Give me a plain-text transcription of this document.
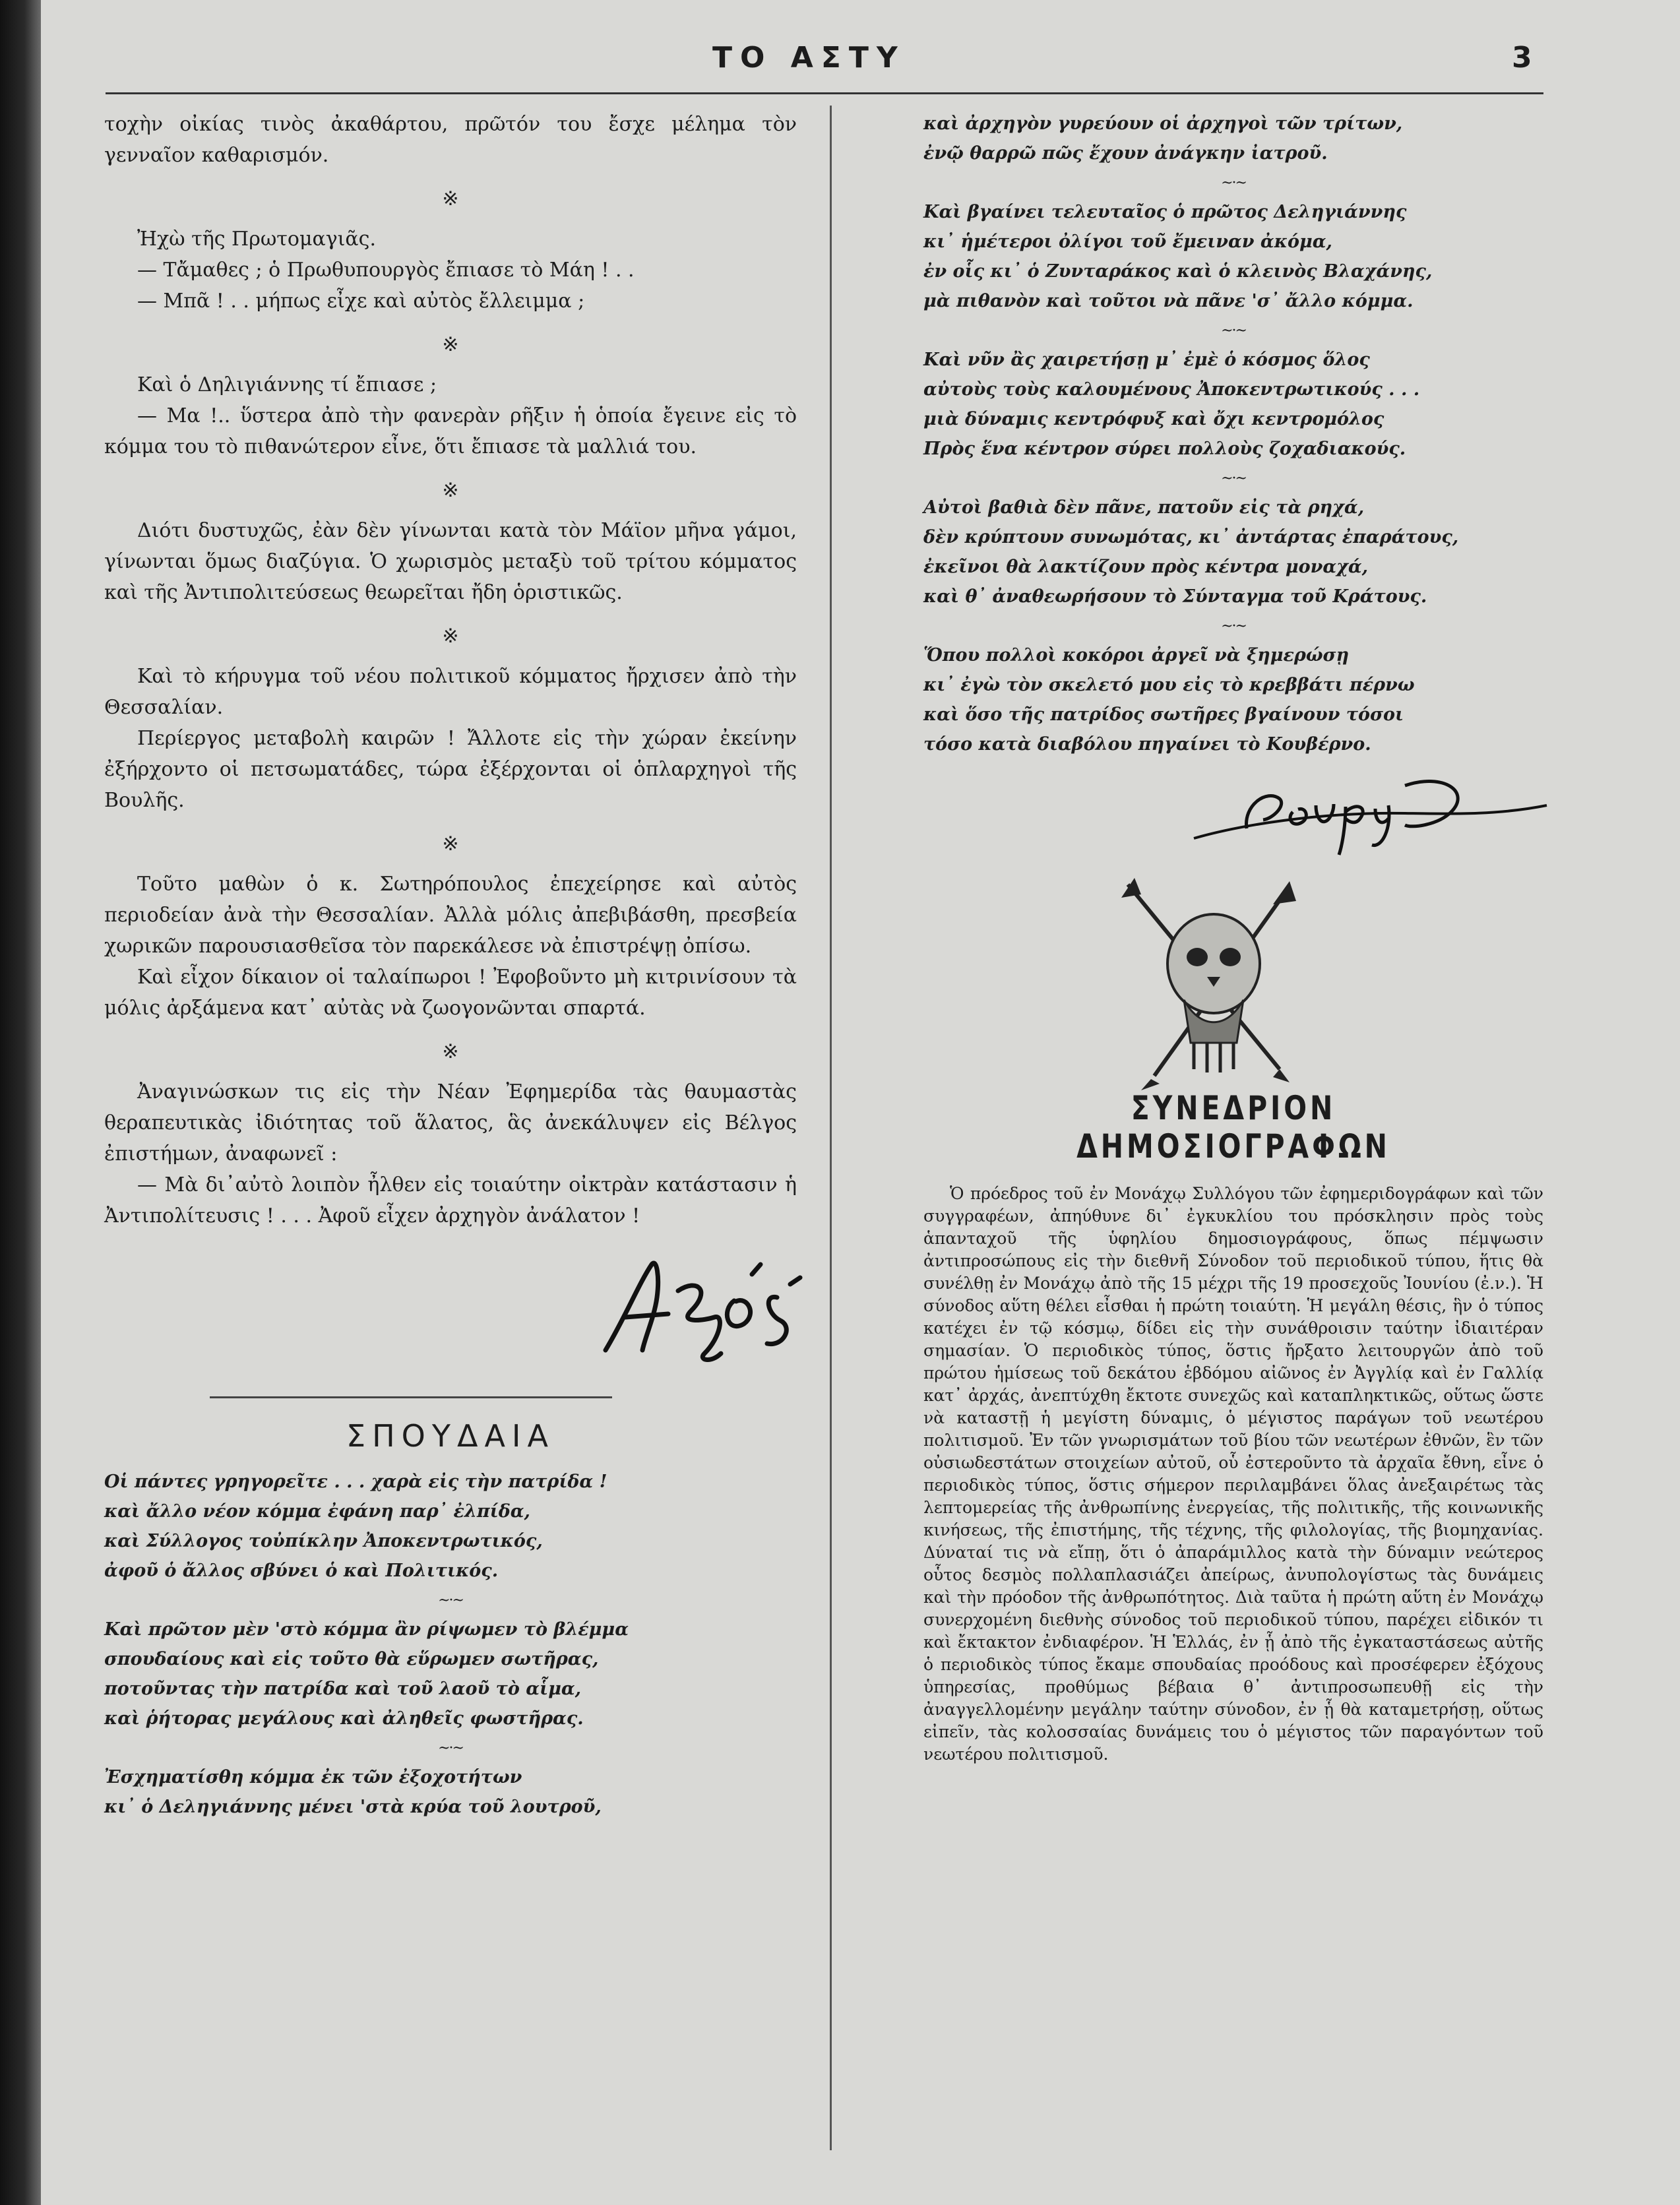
ΤΟ ΑΣΤΥ	3

τοχὴν οἰκίας τινὸς ἀκαθάρτου, πρῶτόν του ἔσχε μέλημα τὸν γενναῖον καθαρισμόν.

※

Ἠχὼ τῆς Πρωτομαγιᾶς.

— Τἄμαθες ; ὁ Πρωθυπουργὸς ἔπιασε τὸ Μάη ! . .

— Μπᾶ ! . . μήπως εἶχε καὶ αὐτὸς ἔλλειμμα ;

※

Καὶ ὁ Δηλιγιάννης τί ἔπιασε ;

— Μα !.. ὕστερα ἀπὸ τὴν φανερὰν ρῆξιν ἡ ὁποία ἔγεινε εἰς τὸ κόμμα του τὸ πιθανώτερον εἶνε, ὅτι ἔπιασε τὰ μαλλιά του.

※

Διότι δυστυχῶς, ἐὰν δὲν γίνωνται κατὰ τὸν Μάϊον μῆνα γάμοι, γίνωνται ὅμως διαζύγια. Ὁ χωρισμὸς μεταξὺ τοῦ τρίτου κόμματος καὶ τῆς Ἀντιπολιτεύσεως θεωρεῖται ἤδη ὁριστικῶς.

※

Καὶ τὸ κήρυγμα τοῦ νέου πολιτικοῦ κόμματος ἤρχισεν ἀπὸ τὴν Θεσσαλίαν.

Περίεργος μεταβολὴ καιρῶν ! Ἄλλοτε εἰς τὴν χώραν ἐκείνην ἐξήρχοντο οἱ πετσωματάδες, τώρα ἐξέρχονται οἱ ὁπλαρχηγοὶ τῆς Βουλῆς.

※

Τοῦτο μαθὼν ὁ κ. Σωτηρόπουλος ἐπεχείρησε καὶ αὐτὸς περιοδείαν ἀνὰ τὴν Θεσσαλίαν. Ἀλλὰ μόλις ἀπεβιβάσθη, πρεσβεία χωρικῶν παρουσιασθεῖσα τὸν παρεκάλεσε νὰ ἐπιστρέψῃ ὀπίσω.

Καὶ εἶχον δίκαιον οἱ ταλαίπωροι ! Ἐφοβοῦντο μὴ κιτρινίσουν τὰ μόλις ἀρξάμενα κατ᾽ αὐτὰς νὰ ζωογονῶνται σπαρτά.

※

Ἀναγινώσκων τις εἰς τὴν Νέαν Ἐφημερίδα τὰς θαυμαστὰς θεραπευτικὰς ἰδιότητας τοῦ ἅλατος, ἃς ἀνεκάλυψεν εἰς Βέλγος ἐπιστήμων, ἀναφωνεῖ :

— Μὰ δι᾽αὐτὸ λοιπὸν ἦλθεν εἰς τοιαύτην οἰκτρὰν κατάστασιν ἡ Ἀντιπολίτευσις ! . . . Ἀφοῦ εἶχεν ἀρχηγὸν ἀνάλατον !

ΣΠΟΥΔΑΙΑ

Οἱ πάντες γρηγορεῖτε . . . χαρὰ εἰς τὴν πατρίδα !

καὶ ἄλλο νέον κόμμα ἐφάνη παρ᾽ ἐλπίδα,

καὶ Σύλλογος τοὐπίκλην Ἀποκεντρωτικός,

ἀφοῦ ὁ ἄλλος σβύνει ὁ καὶ Πολιτικός.

~·~

Καὶ πρῶτον μὲν 'στὸ κόμμα ἂν ρίψωμεν τὸ βλέμμα

σπουδαίους καὶ εἰς τοῦτο θὰ εὕρωμεν σωτῆρας,

ποτοῦντας τὴν πατρίδα καὶ τοῦ λαοῦ τὸ αἷμα,

καὶ ῥήτορας μεγάλους καὶ ἀληθεῖς φωστῆρας.

~·~

Ἐσχηματίσθη κόμμα ἐκ τῶν ἐξοχοτήτων

κι᾽ ὁ Δεληγιάννης μένει 'στὰ κρύα τοῦ λουτροῦ,

καὶ ἀρχηγὸν γυρεύουν οἱ ἀρχηγοὶ τῶν τρίτων,

ἐνῷ θαρρῶ πῶς ἔχουν ἀνάγκην ἰατροῦ.

~·~

Καὶ βγαίνει τελευταῖος ὁ πρῶτος Δεληγιάννης

κι᾽ ἡμέτεροι ὀλίγοι τοῦ ἔμειναν ἀκόμα,

ἐν οἷς κι᾽ ὁ Ζυνταράκος καὶ ὁ κλεινὸς Βλαχάνης,

μὰ πιθανὸν καὶ τοῦτοι νὰ πᾶνε 'σ᾽ ἄλλο κόμμα.

~·~

Καὶ νῦν ἂς χαιρετήσῃ μ᾽ ἐμὲ ὁ κόσμος ὅλος

αὐτοὺς τοὺς καλουμένους Ἀποκεντρωτικούς . . .

μιὰ δύναμις κεντρόφυξ καὶ ὄχι κεντρομόλος

Πρὸς ἕνα κέντρον σύρει πολλοὺς ζοχαδιακούς.

~·~

Αὐτοὶ βαθιὰ δὲν πᾶνε, πατοῦν εἰς τὰ ρηχά,

δὲν κρύπτουν συνωμότας, κι᾽ ἀντάρτας ἐπαράτους,

ἐκεῖνοι θὰ λακτίζουν πρὸς κέντρα μοναχά,

καὶ θ᾽ ἀναθεωρήσουν τὸ Σύνταγμα τοῦ Κράτους.

~·~

Ὅπου πολλοὶ κοκόροι ἀργεῖ νὰ ξημερώσῃ

κι᾽ ἐγὼ τὸν σκελετό μου εἰς τὸ κρεββάτι πέρνω

καὶ ὅσο τῆς πατρίδος σωτῆρες βγαίνουν τόσοι

τόσο κατὰ διαβόλου πηγαίνει τὸ Κουβέρνο.

ΣΥΝΕΔΡΙΟΝ ΔΗΜΟΣΙΟΓΡΑΦΩΝ

Ὁ πρόεδρος τοῦ ἐν Μονάχῳ Συλλόγου τῶν ἐφημεριδογράφων καὶ τῶν συγγραφέων, ἀπηύθυνε δι᾽ ἐγκυκλίου του πρόσκλησιν πρὸς τοὺς ἁπανταχοῦ τῆς ὑφηλίου δημοσιογράφους, ὅπως πέμψωσιν ἀντιπροσώπους εἰς τὴν διεθνῆ Σύνοδον τοῦ περιοδικοῦ τύπου, ἥτις θὰ συνέλθῃ ἐν Μονάχῳ ἀπὸ τῆς 15 μέχρι τῆς 19 προσεχοῦς Ἰουνίου (ἐ.ν.). Ἡ σύνοδος αὕτη θέλει εἶσθαι ἡ πρώτη τοιαύτη. Ἡ μεγάλη θέσις, ἣν ὁ τύπος κατέχει ἐν τῷ κόσμῳ, δίδει εἰς τὴν συνάθροισιν ταύτην ἰδιαιτέραν σημασίαν. Ὁ περιοδικὸς τύπος, ὅστις ἤρξατο λειτουργῶν ἀπὸ τοῦ πρώτου ἡμίσεως τοῦ δεκάτου ἑβδόμου αἰῶνος ἐν Ἀγγλίᾳ καὶ ἐν Γαλλίᾳ κατ᾽ ἀρχάς, ἀνεπτύχθη ἔκτοτε συνεχῶς καὶ καταπληκτικῶς, οὕτως ὥστε νὰ καταστῇ ἡ μεγίστη δύναμις, ὁ μέγιστος παράγων τοῦ νεωτέρου πολιτισμοῦ. Ἐν τῶν γνωρισμάτων τοῦ βίου τῶν νεωτέρων ἐθνῶν, ἓν τῶν οὐσιωδεστάτων στοιχείων αὐτοῦ, οὗ ἐστεροῦντο τὰ ἀρχαῖα ἔθνη, εἶνε ὁ περιοδικὸς τύπος, ὅστις σήμερον περιλαμβάνει ὅλας ἀνεξαιρέτως τὰς λεπτομερείας τῆς ἀνθρωπίνης ἐνεργείας, τῆς πολιτικῆς, τῆς κοινωνικῆς κινήσεως, τῆς ἐπιστήμης, τῆς τέχνης, τῆς φιλολογίας, τῆς βιομηχανίας. Δύναταί τις νὰ εἴπῃ, ὅτι ὁ ἀπαράμιλλος κατὰ τὴν δύναμιν νεώτερος οὗτος δεσμὸς πολλαπλασιάζει ἀπείρως, ἀνυπολογίστως τὰς δυνάμεις καὶ τὴν πρόοδον τῆς ἀνθρωπότητος. Διὰ ταῦτα ἡ πρώτη αὕτη ἐν Μονάχῳ συνερχομένη διεθνὴς σύνοδος τοῦ περιοδικοῦ τύπου, παρέχει εἰδικόν τι καὶ ἔκτακτον ἐνδιαφέρον. Ἡ Ἑλλάς, ἐν ᾗ ἀπὸ τῆς ἐγκαταστάσεως αὐτῆς ὁ περιοδικὸς τύπος ἔκαμε σπουδαίας προόδους καὶ προσέφερεν ἐξόχους ὑπηρεσίας, προθύμως βέβαια θ᾽ ἀντιπροσωπευθῇ εἰς τὴν ἀναγγελλομένην μεγάλην ταύτην σύνοδον, ἐν ᾗ θὰ καταμετρήσῃ, οὕτως εἰπεῖν, τὰς κολοσσαίας δυνάμεις του ὁ μέγιστος τῶν παραγόντων τοῦ νεωτέρου πολιτισμοῦ.
